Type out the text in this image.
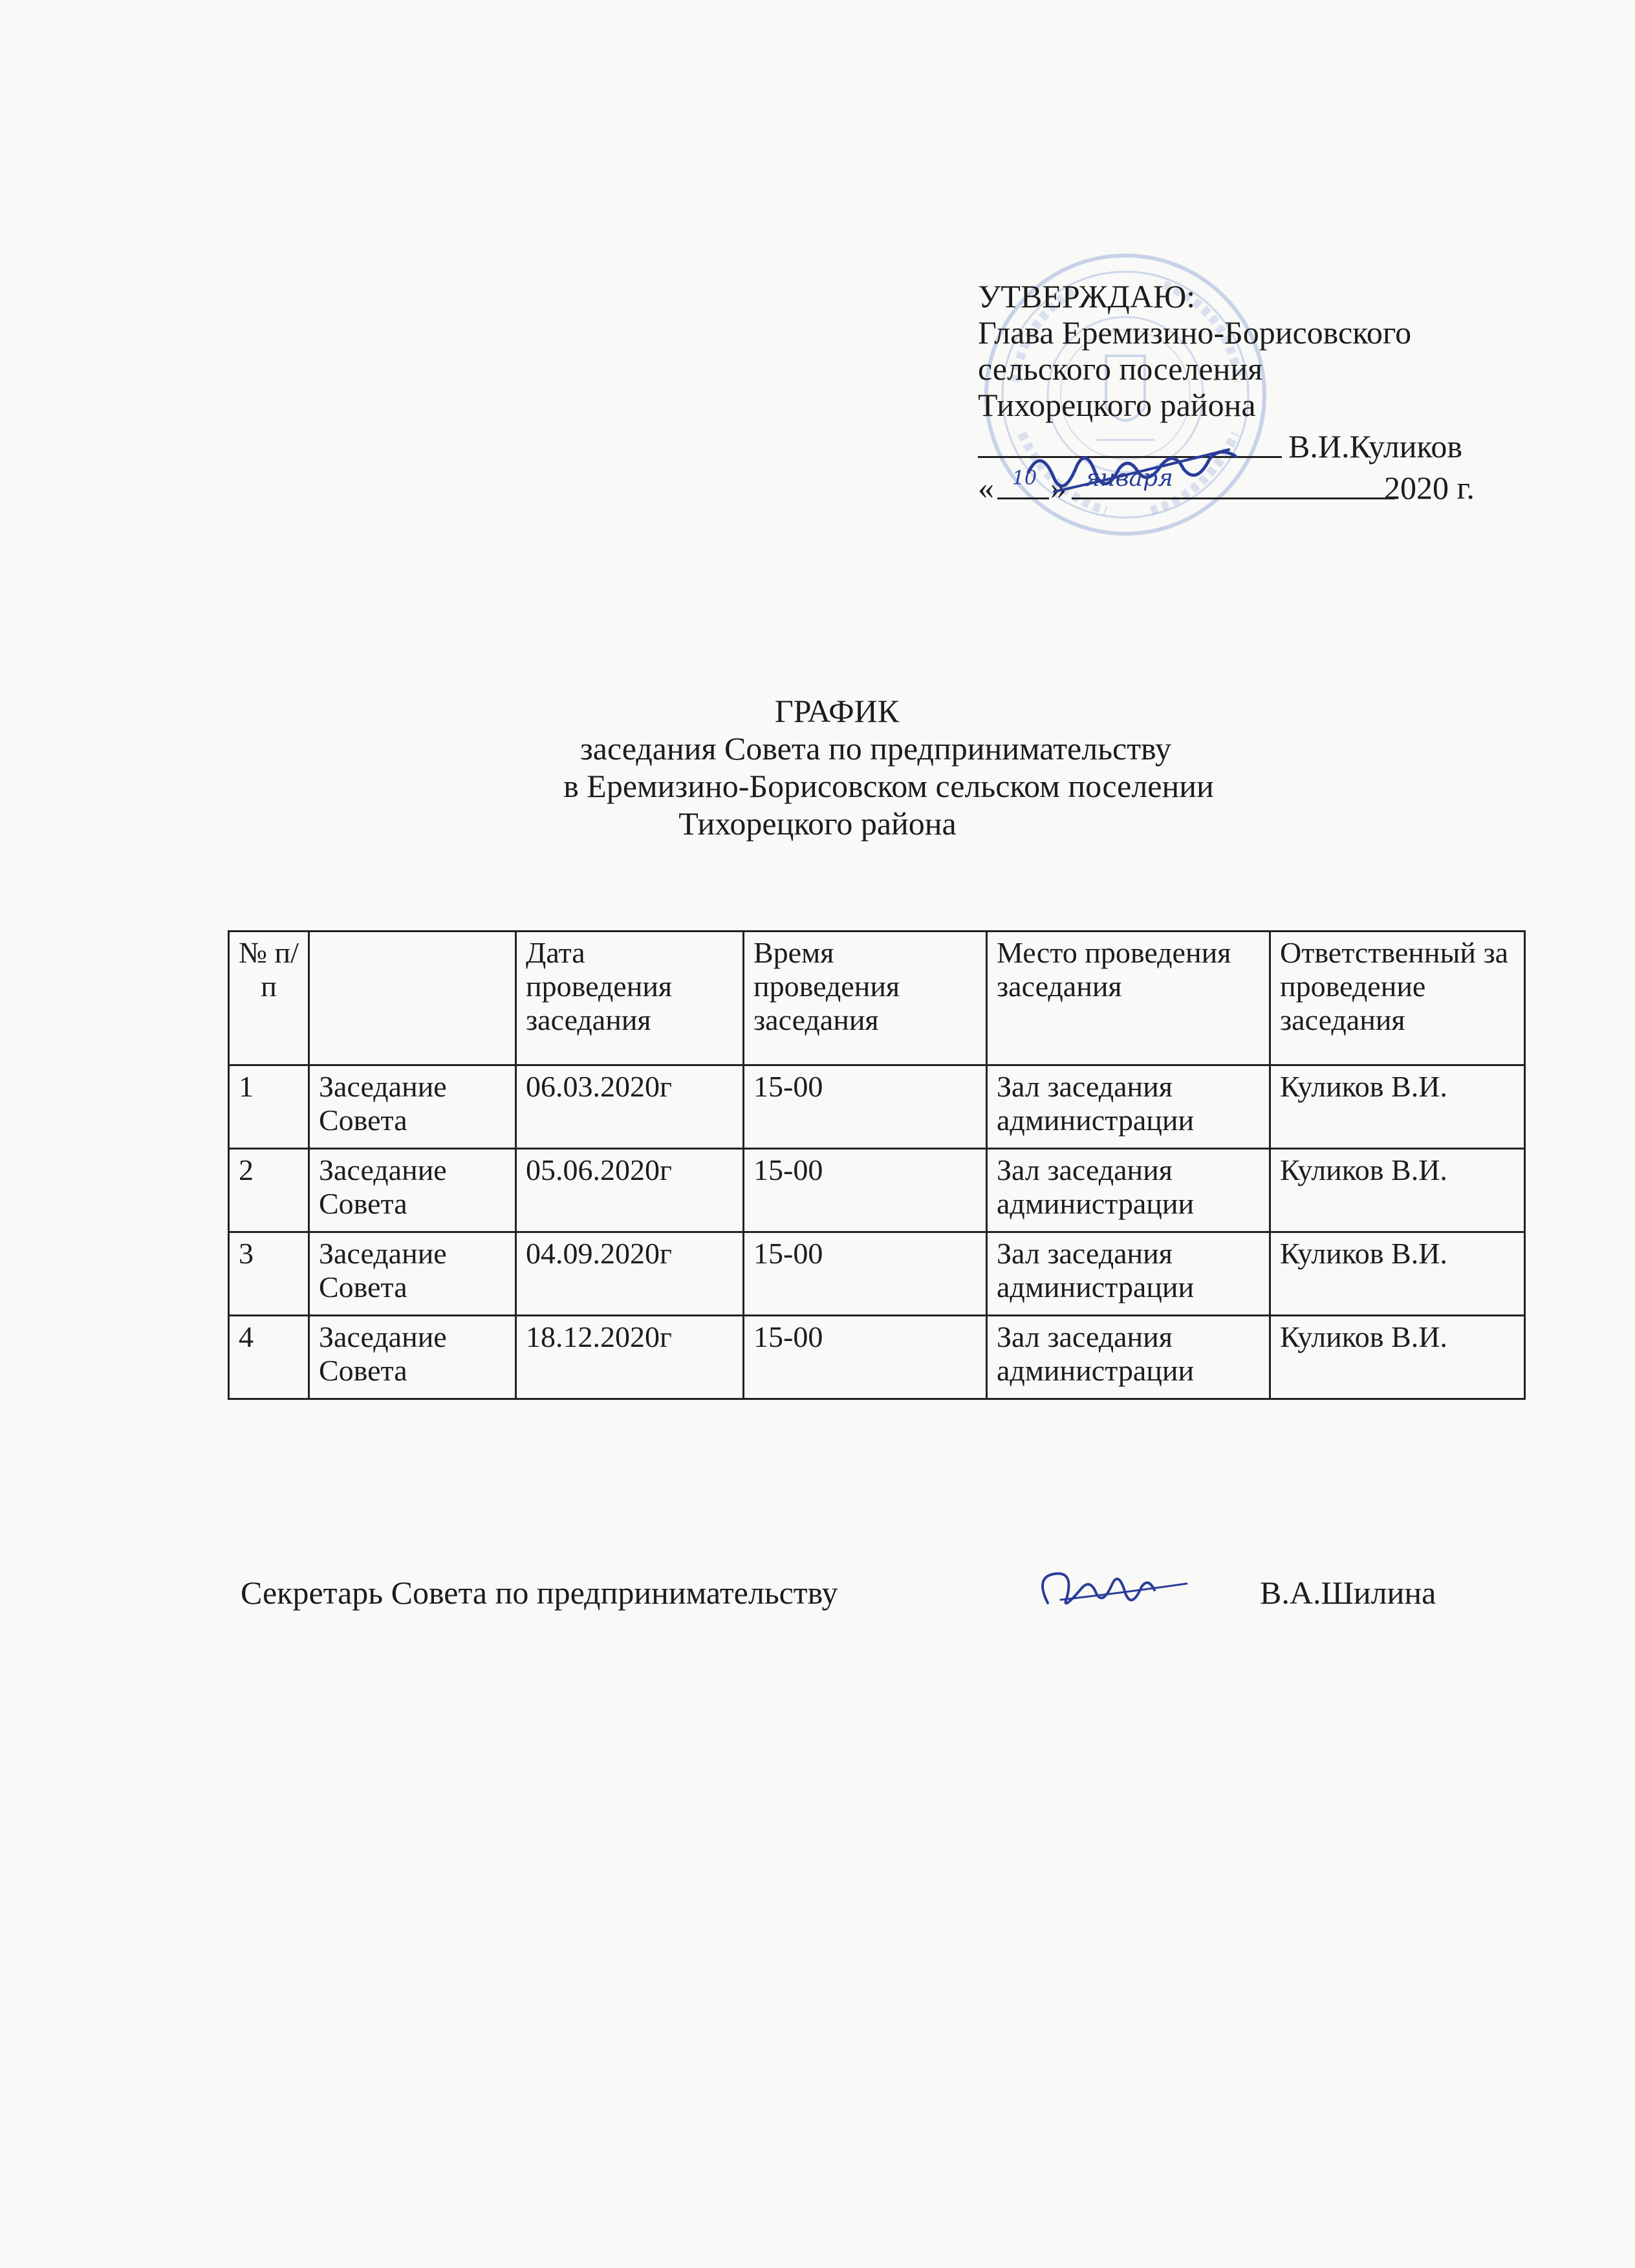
УТВЕРЖДАЮ:
Глава Еремизино-Борисовского
сельского поселения
Тихорецкого района
В.И.Куликов
« 10 » января	2020 г.
ГРАФИК
заседания Совета по предпринимательству
в Еремизино-Борисовском сельском поселении
Тихорецкого района
№ п/п		Дата проведения заседания	Время проведения заседания	Место проведения заседания	Ответственный за проведение заседания
1	Заседание Совета	06.03.2020г	15-00	Зал заседания администрации	Куликов В.И.
2	Заседание Совета	05.06.2020г	15-00	Зал заседания администрации	Куликов В.И.
3	Заседание Совета	04.09.2020г	15-00	Зал заседания администрации	Куликов В.И.
4	Заседание Совета	18.12.2020г	15-00	Зал заседания администрации	Куликов В.И.
Секретарь Совета по предпринимательству	В.А.Шилина
